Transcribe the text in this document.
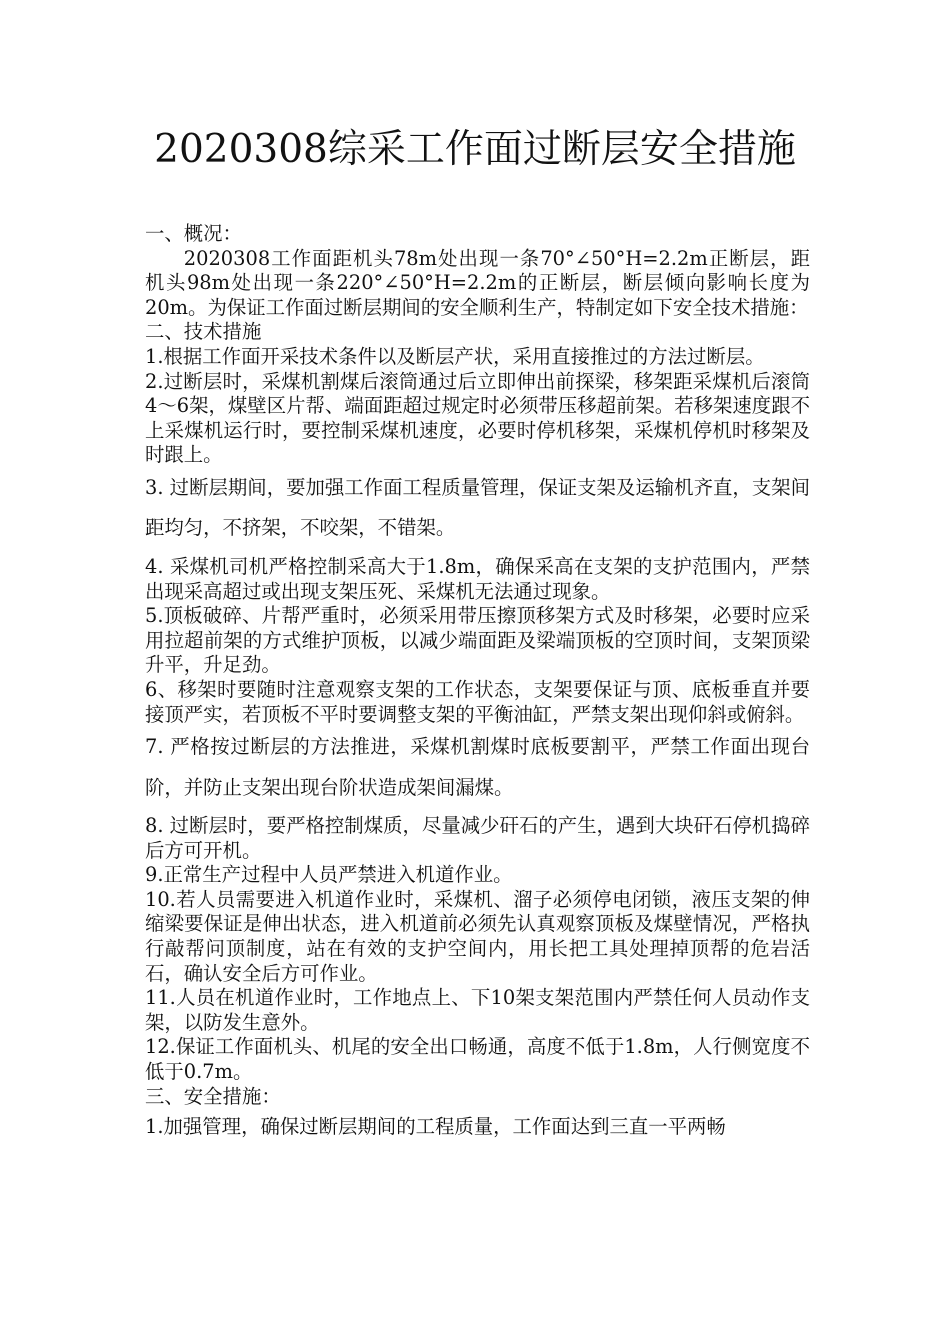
2020308综采工作面过断层安全措施

一、概况：

2020308工作面距机头78m处出现一条70°∠50°H=2.2m正断层，距机头98m处出现一条220°∠50°H=2.2m的正断层，断层倾向影响长度为20m。为保证工作面过断层期间的安全顺利生产，特制定如下安全技术措施：

二、技术措施

1.根据工作面开采技术条件以及断层产状，采用直接推过的方法过断层。

2.过断层时，采煤机割煤后滚筒通过后立即伸出前探梁，移架距采煤机后滚筒4～6架，煤壁区片帮、端面距超过规定时必须带压移超前架。若移架速度跟不上采煤机运行时，要控制采煤机速度，必要时停机移架，采煤机停机时移架及时跟上。

3. 过断层期间，要加强工作面工程质量管理，保证支架及运输机齐直，支架间距均匀，不挤架，不咬架，不错架。

4. 采煤机司机严格控制采高大于1.8m，确保采高在支架的支护范围内，严禁出现采高超过或出现支架压死、采煤机无法通过现象。

5.顶板破碎、片帮严重时，必须采用带压擦顶移架方式及时移架，必要时应采用拉超前架的方式维护顶板，以减少端面距及梁端顶板的空顶时间，支架顶梁升平，升足劲。

6、移架时要随时注意观察支架的工作状态，支架要保证与顶、底板垂直并要接顶严实，若顶板不平时要调整支架的平衡油缸，严禁支架出现仰斜或俯斜。

7. 严格按过断层的方法推进，采煤机割煤时底板要割平，严禁工作面出现台阶，并防止支架出现台阶状造成架间漏煤。

8. 过断层时，要严格控制煤质，尽量减少矸石的产生，遇到大块矸石停机捣碎后方可开机。

9.正常生产过程中人员严禁进入机道作业。

10.若人员需要进入机道作业时，采煤机、溜子必须停电闭锁，液压支架的伸缩梁要保证是伸出状态，进入机道前必须先认真观察顶板及煤壁情况，严格执行敲帮问顶制度，站在有效的支护空间内，用长把工具处理掉顶帮的危岩活石，确认安全后方可作业。

11.人员在机道作业时，工作地点上、下10架支架范围内严禁任何人员动作支架，以防发生意外。

12.保证工作面机头、机尾的安全出口畅通，高度不低于1.8m，人行侧宽度不低于0.7m。

三、安全措施：

1.加强管理，确保过断层期间的工程质量，工作面达到三直一平两畅
